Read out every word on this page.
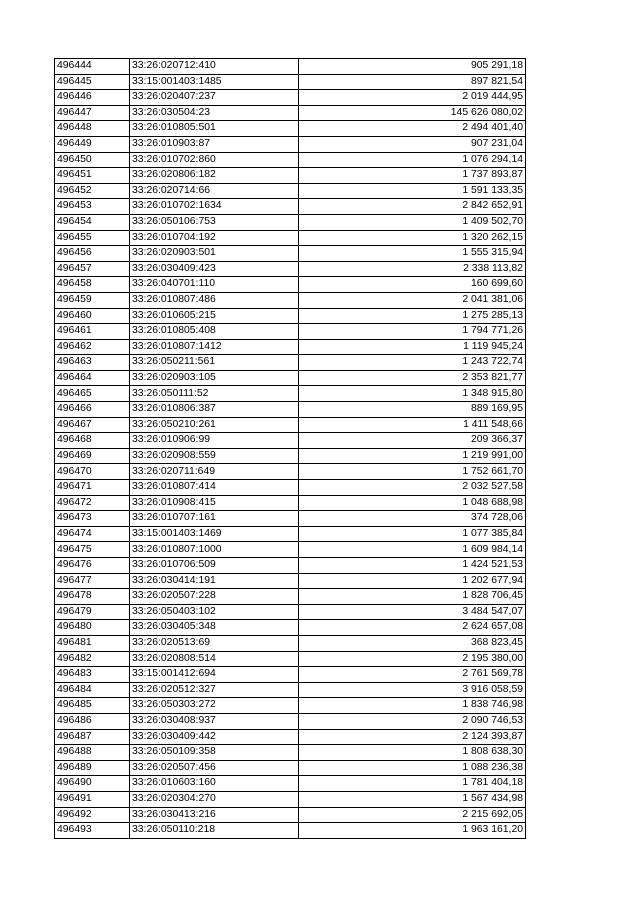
496444	33:26:020712:410	905 291,18
496445	33:15:001403:1485	897 821,54
496446	33:26:020407:237	2 019 444,95
496447	33:26:030504:23	145 626 080,02
496448	33:26:010805:501	2 494 401,40
496449	33:26:010903:87	907 231,04
496450	33:26:010702:860	1 076 294,14
496451	33:26:020806:182	1 737 893,87
496452	33:26:020714:66	1 591 133,35
496453	33:26:010702:1634	2 842 652,91
496454	33:26:050106:753	1 409 502,70
496455	33:26:010704:192	1 320 262,15
496456	33:26:020903:501	1 555 315,94
496457	33:26:030409:423	2 338 113,82
496458	33:26:040701:110	160 699,60
496459	33:26:010807:486	2 041 381,06
496460	33:26:010605:215	1 275 285,13
496461	33:26:010805:408	1 794 771,26
496462	33:26:010807:1412	1 119 945,24
496463	33:26:050211:561	1 243 722,74
496464	33:26:020903:105	2 353 821,77
496465	33:26:050111:52	1 348 915,80
496466	33:26:010806:387	889 169,95
496467	33:26:050210:261	1 411 548,66
496468	33:26:010906:99	209 366,37
496469	33:26:020908:559	1 219 991,00
496470	33:26:020711:649	1 752 661,70
496471	33:26:010807:414	2 032 527,58
496472	33:26:010908:415	1 048 688,98
496473	33:26:010707:161	374 728,06
496474	33:15:001403:1469	1 077 385,84
496475	33:26:010807:1000	1 609 984,14
496476	33:26:010706:509	1 424 521,53
496477	33:26:030414:191	1 202 677,94
496478	33:26:020507:228	1 828 706,45
496479	33:26:050403:102	3 484 547,07
496480	33:26:030405:348	2 624 657,08
496481	33:26:020513:69	368 823,45
496482	33:26:020808:514	2 195 380,00
496483	33:15:001412:694	2 761 569,78
496484	33:26:020512:327	3 916 058,59
496485	33:26:050303:272	1 838 746,98
496486	33:26:030408:937	2 090 746,53
496487	33:26:030409:442	2 124 393,87
496488	33:26:050109:358	1 808 638,30
496489	33:26:020507:456	1 088 236,38
496490	33:26:010603:160	1 781 404,18
496491	33:26:020304:270	1 567 434,98
496492	33:26:030413:216	2 215 692,05
496493	33:26:050110:218	1 963 161,20
